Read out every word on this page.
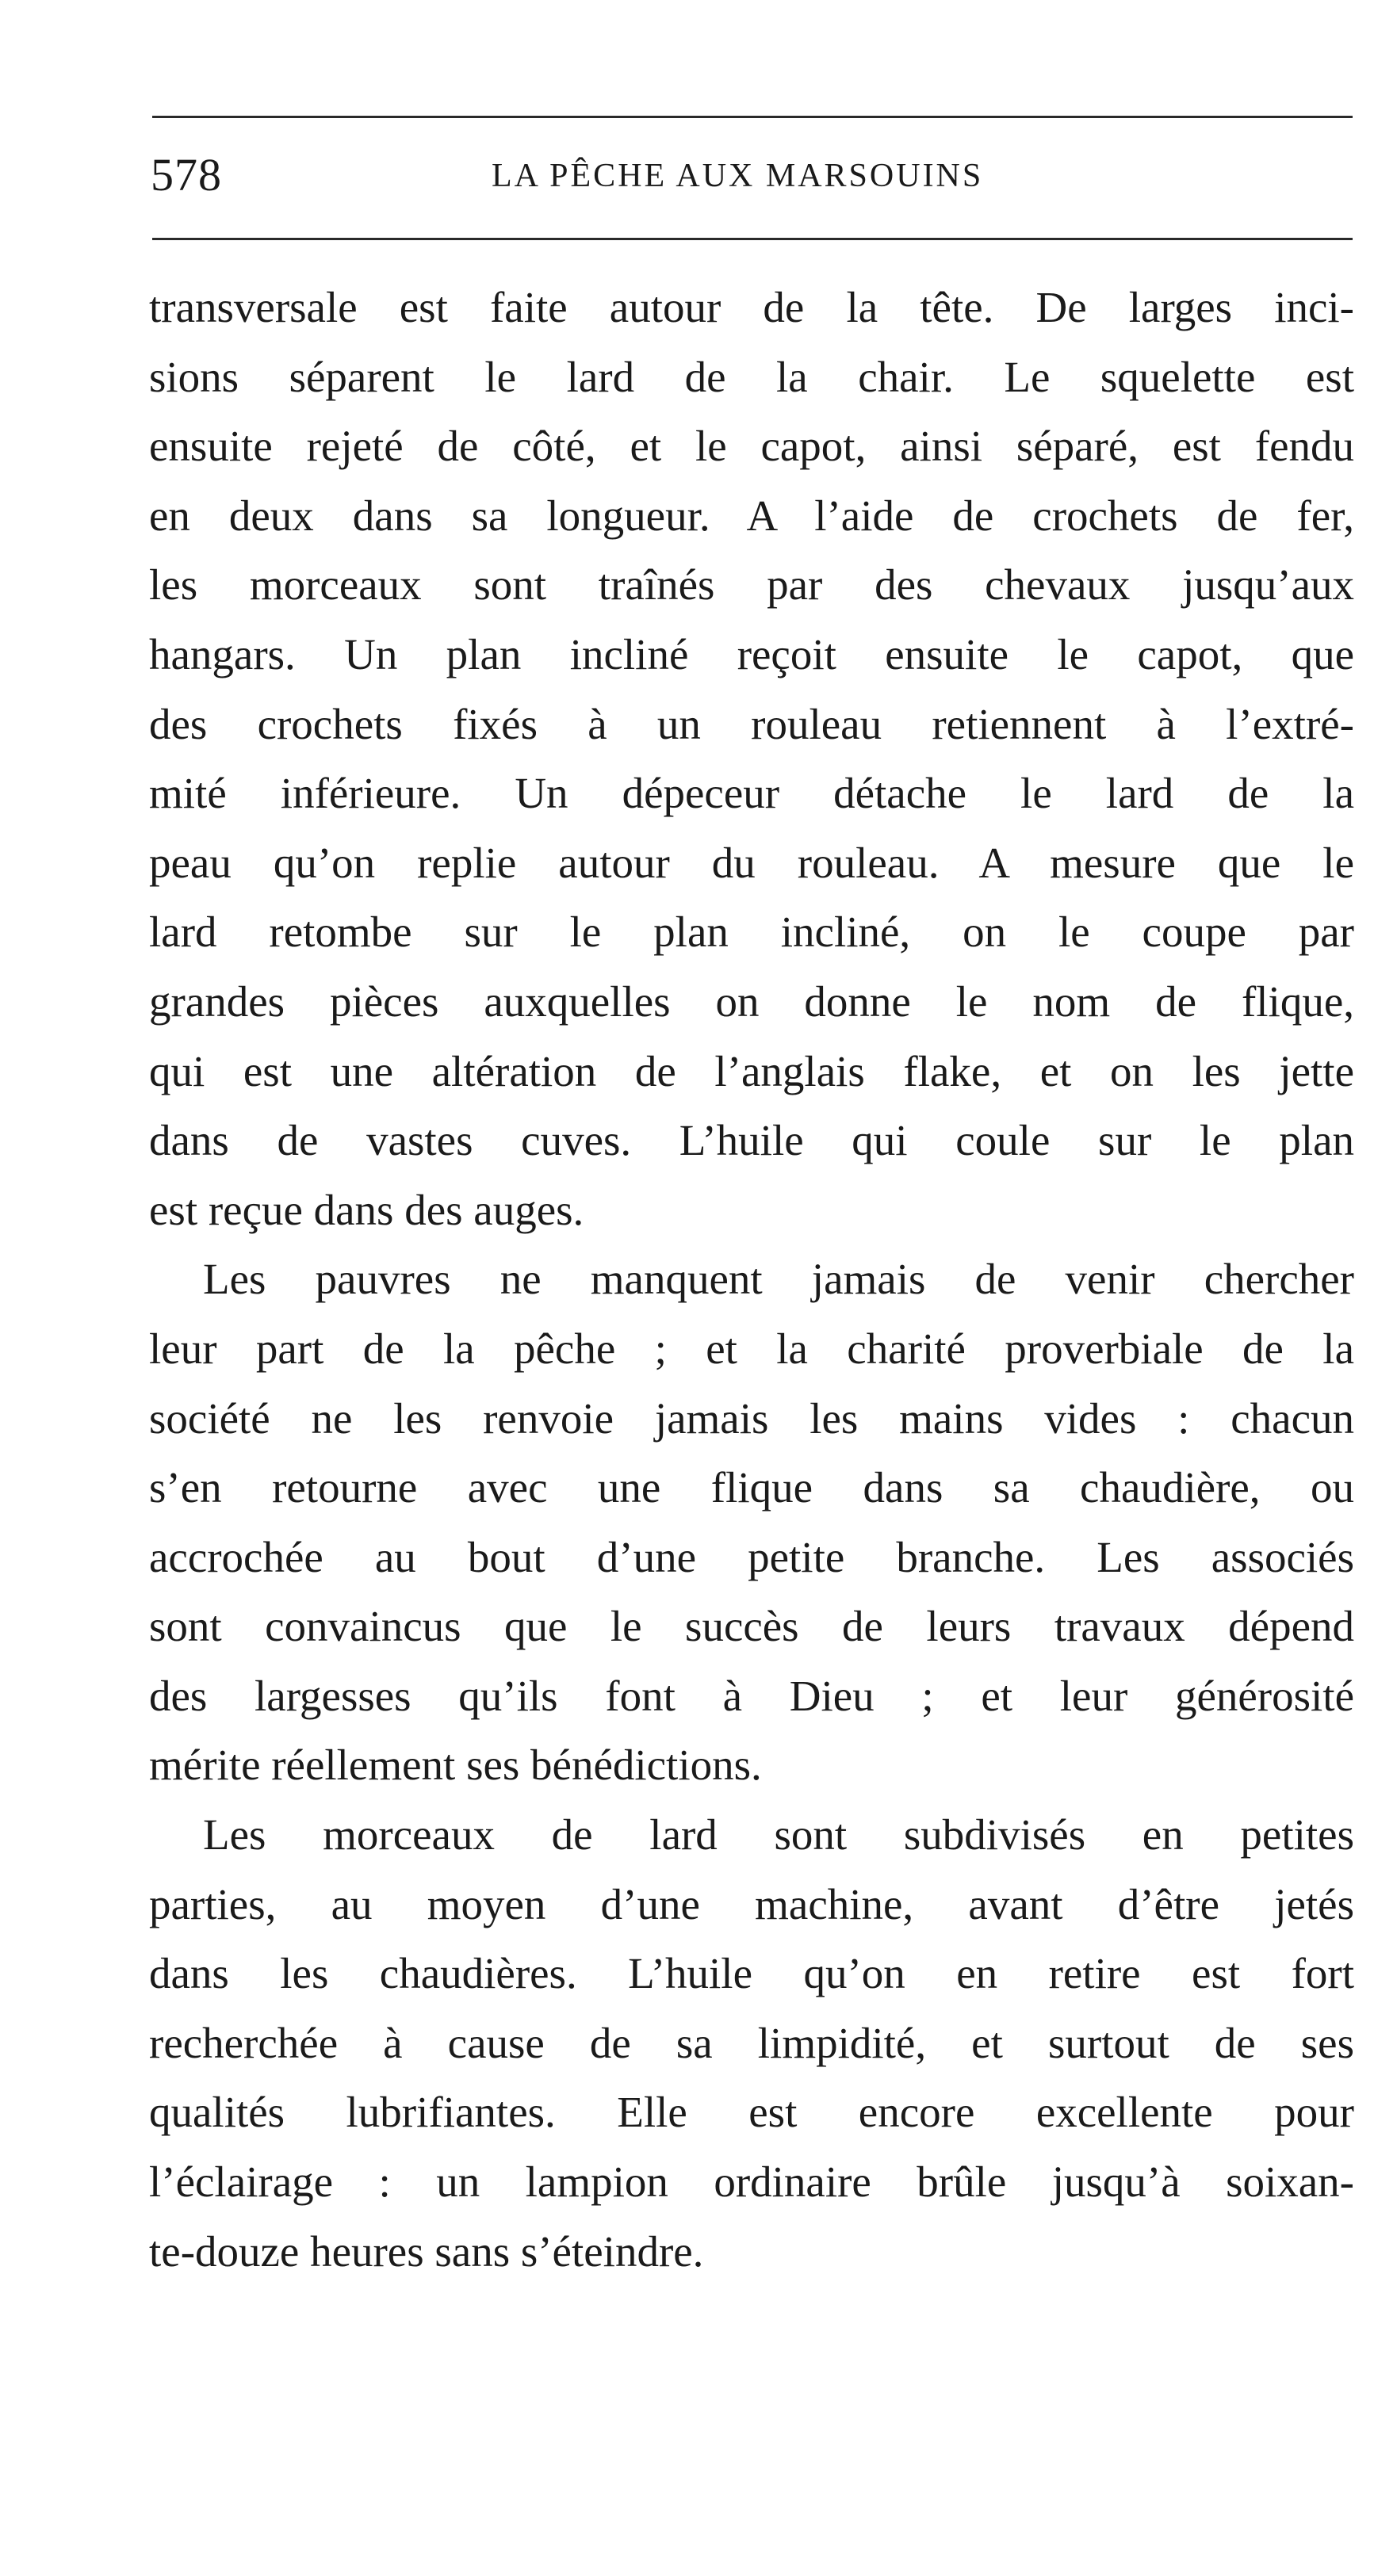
578	LA PÊCHE AUX MARSOUINS
transversale est faite autour de la tête. De larges inci-
sions séparent le lard de la chair. Le squelette est
ensuite rejeté de côté, et le capot, ainsi séparé, est fendu
en deux dans sa longueur. A l’aide de crochets de fer,
les morceaux sont traînés par des chevaux jusqu’aux
hangars. Un plan incliné reçoit ensuite le capot, que
des crochets fixés à un rouleau retiennent à l’extré-
mité inférieure. Un dépeceur détache le lard de la
peau qu’on replie autour du rouleau. A mesure que le
lard retombe sur le plan incliné, on le coupe par
grandes pièces auxquelles on donne le nom de flique,
qui est une altération de l’anglais flake, et on les jette
dans de vastes cuves. L’huile qui coule sur le plan
est reçue dans des auges.
Les pauvres ne manquent jamais de venir chercher
leur part de la pêche ; et la charité proverbiale de la
société ne les renvoie jamais les mains vides : chacun
s’en retourne avec une flique dans sa chaudière, ou
accrochée au bout d’une petite branche. Les associés
sont convaincus que le succès de leurs travaux dépend
des largesses qu’ils font à Dieu ; et leur générosité
mérite réellement ses bénédictions.
Les morceaux de lard sont subdivisés en petites
parties, au moyen d’une machine, avant d’être jetés
dans les chaudières. L’huile qu’on en retire est fort
recherchée à cause de sa limpidité, et surtout de ses
qualités lubrifiantes. Elle est encore excellente pour
l’éclairage : un lampion ordinaire brûle jusqu’à soixan-
te-douze heures sans s’éteindre.
